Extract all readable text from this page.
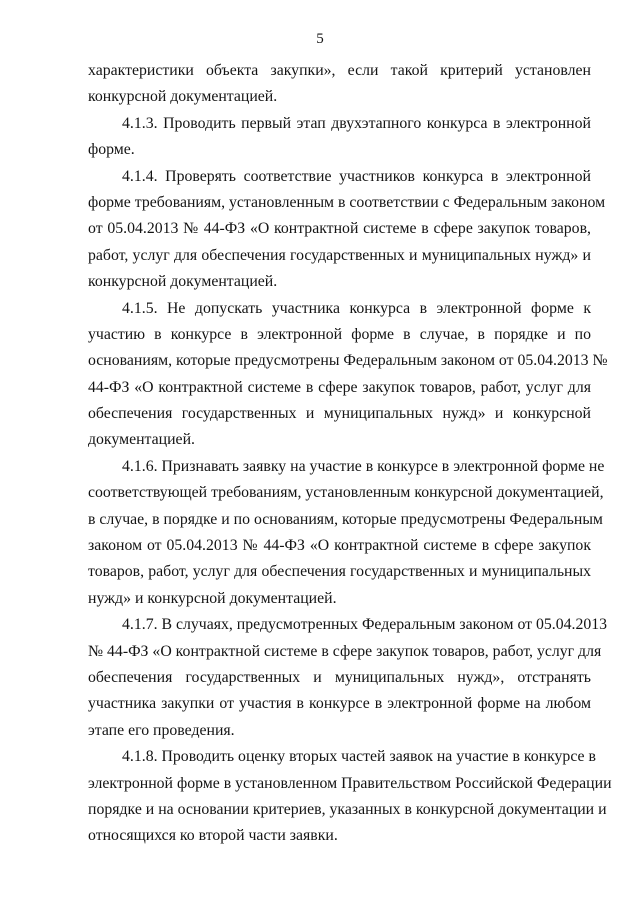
5
характеристики объекта закупки», если такой критерий установлен
конкурсной документацией.
4.1.3. Проводить первый этап двухэтапного конкурса в электронной
форме.
4.1.4. Проверять соответствие участников конкурса в электронной
форме требованиям, установленным в соответствии с Федеральным законом
от 05.04.2013 № 44-ФЗ «О контрактной системе в сфере закупок товаров,
работ, услуг для обеспечения государственных и муниципальных нужд» и
конкурсной документацией.
4.1.5. Не допускать участника конкурса в электронной форме к
участию в конкурсе в электронной форме в случае, в порядке и по
основаниям, которые предусмотрены Федеральным законом от 05.04.2013 №
44-ФЗ «О контрактной системе в сфере закупок товаров, работ, услуг для
обеспечения государственных и муниципальных нужд» и конкурсной
документацией.
4.1.6. Признавать заявку на участие в конкурсе в электронной форме не
соответствующей требованиям, установленным конкурсной документацией,
в случае, в порядке и по основаниям, которые предусмотрены Федеральным
законом от 05.04.2013 № 44-ФЗ «О контрактной системе в сфере закупок
товаров, работ, услуг для обеспечения государственных и муниципальных
нужд» и конкурсной документацией.
4.1.7. В случаях, предусмотренных Федеральным законом от 05.04.2013
№ 44-ФЗ «О контрактной системе в сфере закупок товаров, работ, услуг для
обеспечения государственных и муниципальных нужд», отстранять
участника закупки от участия в конкурсе в электронной форме на любом
этапе его проведения.
4.1.8. Проводить оценку вторых частей заявок на участие в конкурсе в
электронной форме в установленном Правительством Российской Федерации
порядке и на основании критериев, указанных в конкурсной документации и
относящихся ко второй части заявки.
